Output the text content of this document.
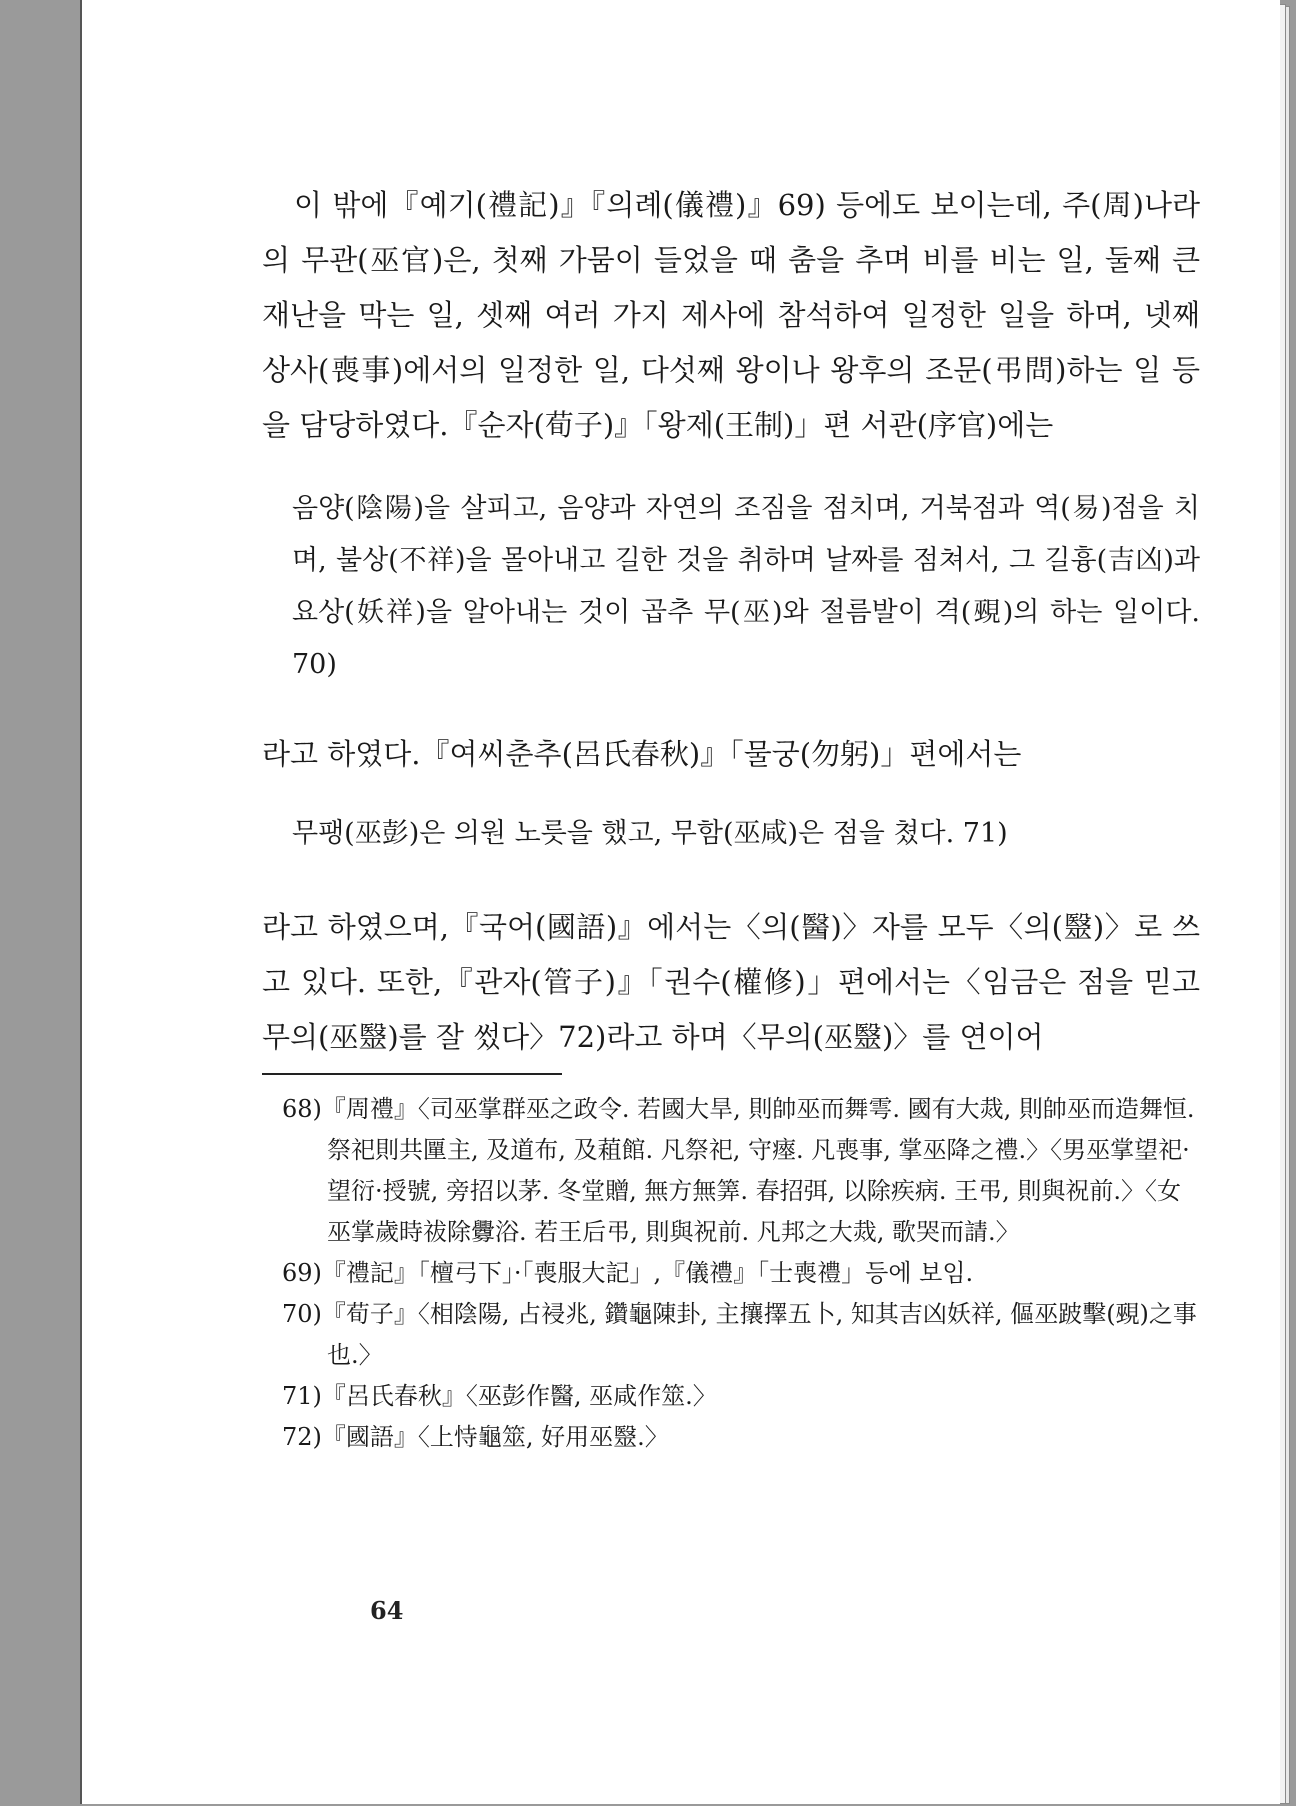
이 밖에『예기(禮記)』『의례(儀禮)』69) 등에도 보이는데, 주(周)나라의 무관(巫官)은, 첫째 가뭄이 들었을 때 춤을 추며 비를 비는 일, 둘째 큰 재난을 막는 일, 셋째 여러 가지 제사에 참석하여 일정한 일을 하며, 넷째 상사(喪事)에서의 일정한 일, 다섯째 왕이나 왕후의 조문(弔問)하는 일 등을 담당하였다.『순자(荀子)』「왕제(王制)」편 서관(序官)에는

음양(陰陽)을 살피고, 음양과 자연의 조짐을 점치며, 거북점과 역(易)점을 치며, 불상(不祥)을 몰아내고 길한 것을 취하며 날짜를 점쳐서, 그 길흉(吉凶)과 요상(妖祥)을 알아내는 것이 곱추 무(巫)와 절름발이 격(覡)의 하는 일이다. 70)

라고 하였다.『여씨춘추(呂氏春秋)』「물궁(勿躬)」편에서는

무팽(巫彭)은 의원 노릇을 했고, 무함(巫咸)은 점을 쳤다. 71)

라고 하였으며,『국어(國語)』에서는〈의(醫)〉자를 모두〈의(毉)〉로 쓰고 있다. 또한,『관자(管子)』「권수(權修)」편에서는〈임금은 점을 믿고 무의(巫毉)를 잘 썼다〉72)라고 하며〈무의(巫毉)〉를 연이어

68)『周禮』〈司巫掌群巫之政令. 若國大旱, 則帥巫而舞雩. 國有大烖, 則帥巫而造舞恒. 祭祀則共匰主, 及道布, 及蒩館. 凡祭祀, 守瘞. 凡喪事, 掌巫降之禮.〉〈男巫掌望祀·望衍·授號, 旁招以茅. 冬堂贈, 無方無筭. 春招弭, 以除疾病. 王弔, 則與祝前.〉〈女巫掌歲時祓除釁浴. 若王后弔, 則與祝前. 凡邦之大烖, 歌哭而請.〉

69)『禮記』「檀弓下」·「喪服大記」,『儀禮』「士喪禮」등에 보임.

70)『荀子』〈相陰陽, 占祲兆, 鑽龜陳卦, 主攘擇五卜, 知其吉凶妖祥, 傴巫跛擊(覡)之事也.〉

71)『呂氏春秋』〈巫彭作醫, 巫咸作筮.〉

72)『國語』〈上恃龜筮, 好用巫毉.〉

64
